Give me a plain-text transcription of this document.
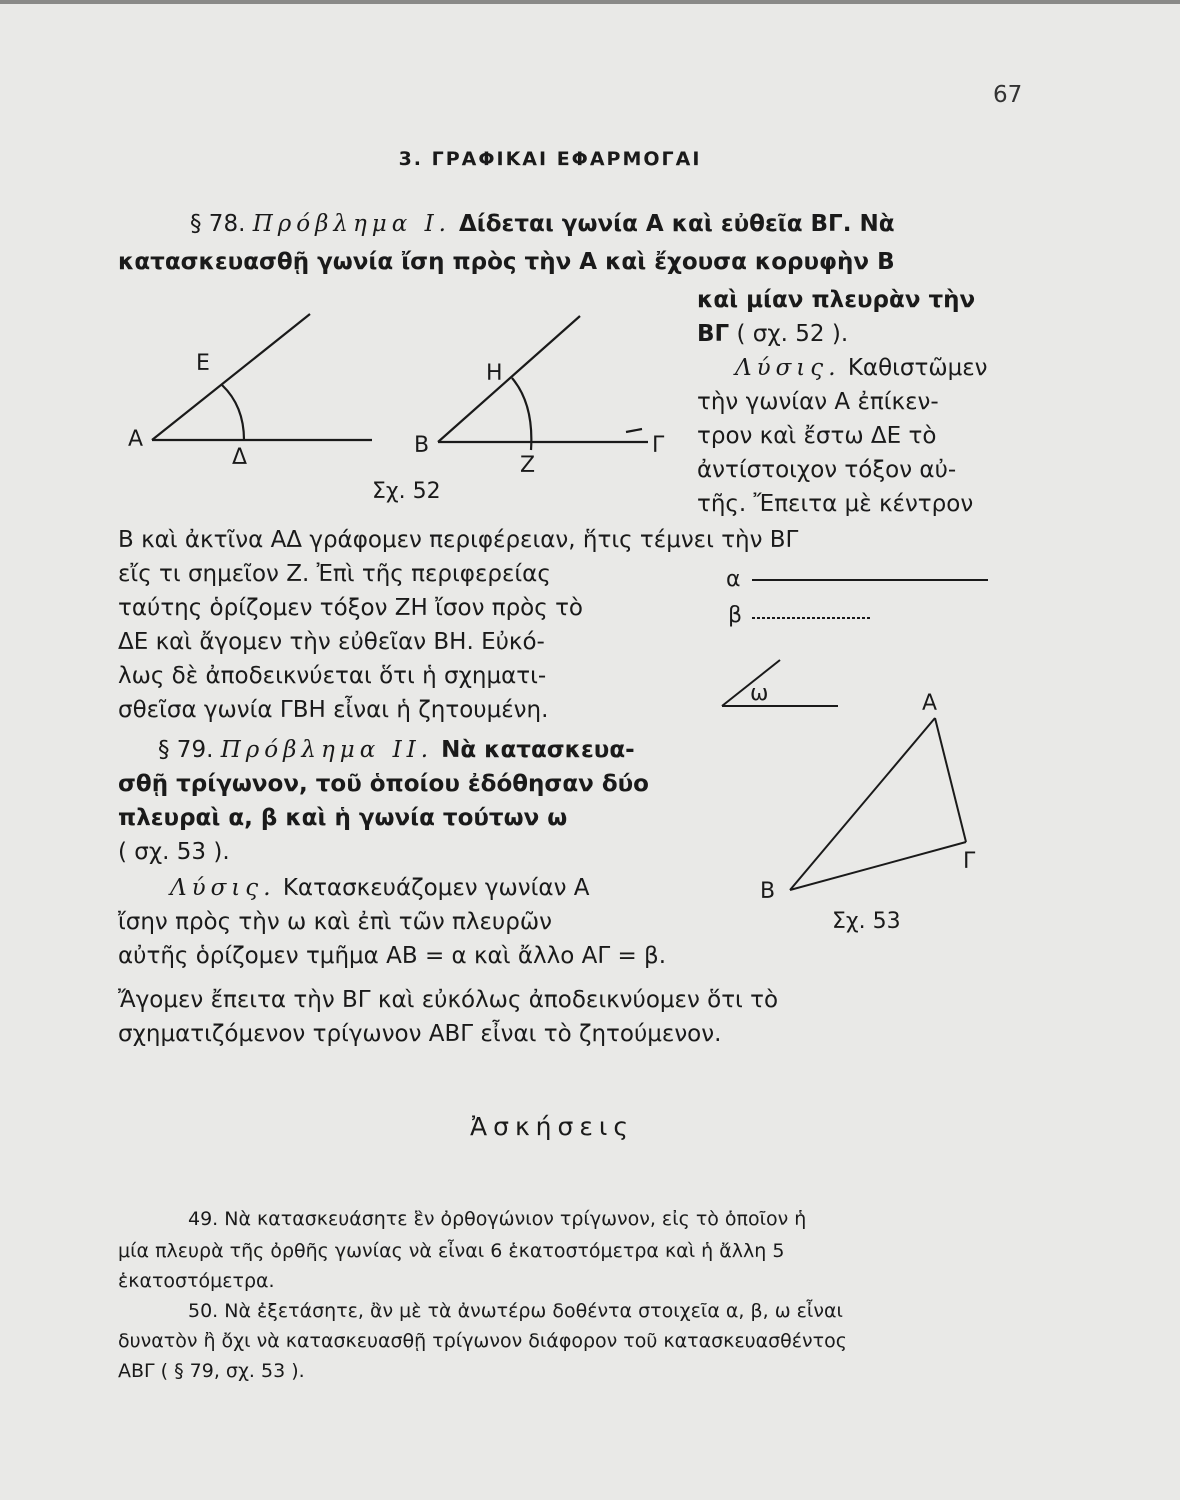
67
3. ΓΡΑΦΙΚΑΙ ΕΦΑΡΜΟΓΑΙ
§ 78. Πρόβλημα Ι. Δίδεται γωνία Α καὶ εὐθεῖα ΒΓ. Νὰ
κατασκευασθῇ γωνία ἴση πρὸς τὴν Α καὶ ἔχουσα κορυφὴν Β
καὶ μίαν πλευρὰν τὴν
ΒΓ ( σχ. 52 ).
Λύσις. Καθιστῶμεν
τὴν γωνίαν Α ἐπίκεν-
τρον καὶ ἔστω ΔΕ τὸ
ἀντίστοιχον τόξον αὐ-
τῆς. Ἔπειτα μὲ κέντρον
Β καὶ ἀκτῖνα ΑΔ γράφομεν περιφέρειαν, ἥτις τέμνει τὴν ΒΓ
εἴς τι σημεῖον Ζ. Ἐπὶ τῆς περιφερείας
ταύτης ὁρίζομεν τόξον ΖΗ ἴσον πρὸς τὸ
ΔΕ καὶ ἄγομεν τὴν εὐθεῖαν ΒΗ. Εὐκό-
λως δὲ ἀποδεικνύεται ὅτι ἡ σχηματι-
σθεῖσα γωνία ΓΒΗ εἶναι ἡ ζητουμένη.
§ 79. Πρόβλημα ΙΙ. Νὰ κατασκευα-
σθῇ τρίγωνον, τοῦ ὁποίου ἐδόθησαν δύο
πλευραὶ α, β καὶ ἡ γωνία τούτων ω
( σχ. 53 ).
Λύσις. Κατασκευάζομεν γωνίαν Α
ἴσην πρὸς τὴν ω καὶ ἐπὶ τῶν πλευρῶν
αὐτῆς ὁρίζομεν τμῆμα ΑΒ = α καὶ ἄλλο ΑΓ = β.
Ἄγομεν ἔπειτα τὴν ΒΓ καὶ εὐκόλως ἀποδεικνύομεν ὅτι τὸ
σχηματιζόμενον τρίγωνον ΑΒΓ εἶναι τὸ ζητούμενον.
Ἀσκήσεις
49. Νὰ κατασκευάσητε ἓν ὀρθογώνιον τρίγωνον, εἰς τὸ ὁποῖον ἡ
μία πλευρὰ τῆς ὀρθῆς γωνίας νὰ εἶναι 6 ἑκατοστόμετρα καὶ ἡ ἄλλη 5
ἑκατοστόμετρα.
50. Νὰ ἐξετάσητε, ἂν μὲ τὰ ἀνωτέρω δοθέντα στοιχεῖα α, β, ω εἶναι
δυνατὸν ἢ ὄχι νὰ κατασκευασθῇ τρίγωνον διάφορον τοῦ κατασκευασθέντος
ΑΒΓ ( § 79, σχ. 53 ).
Α
Ε
Δ	Β
Η
Ζ
Γ
Σχ. 52
α
β
ω	Α
Β
Γ
Σχ. 53
